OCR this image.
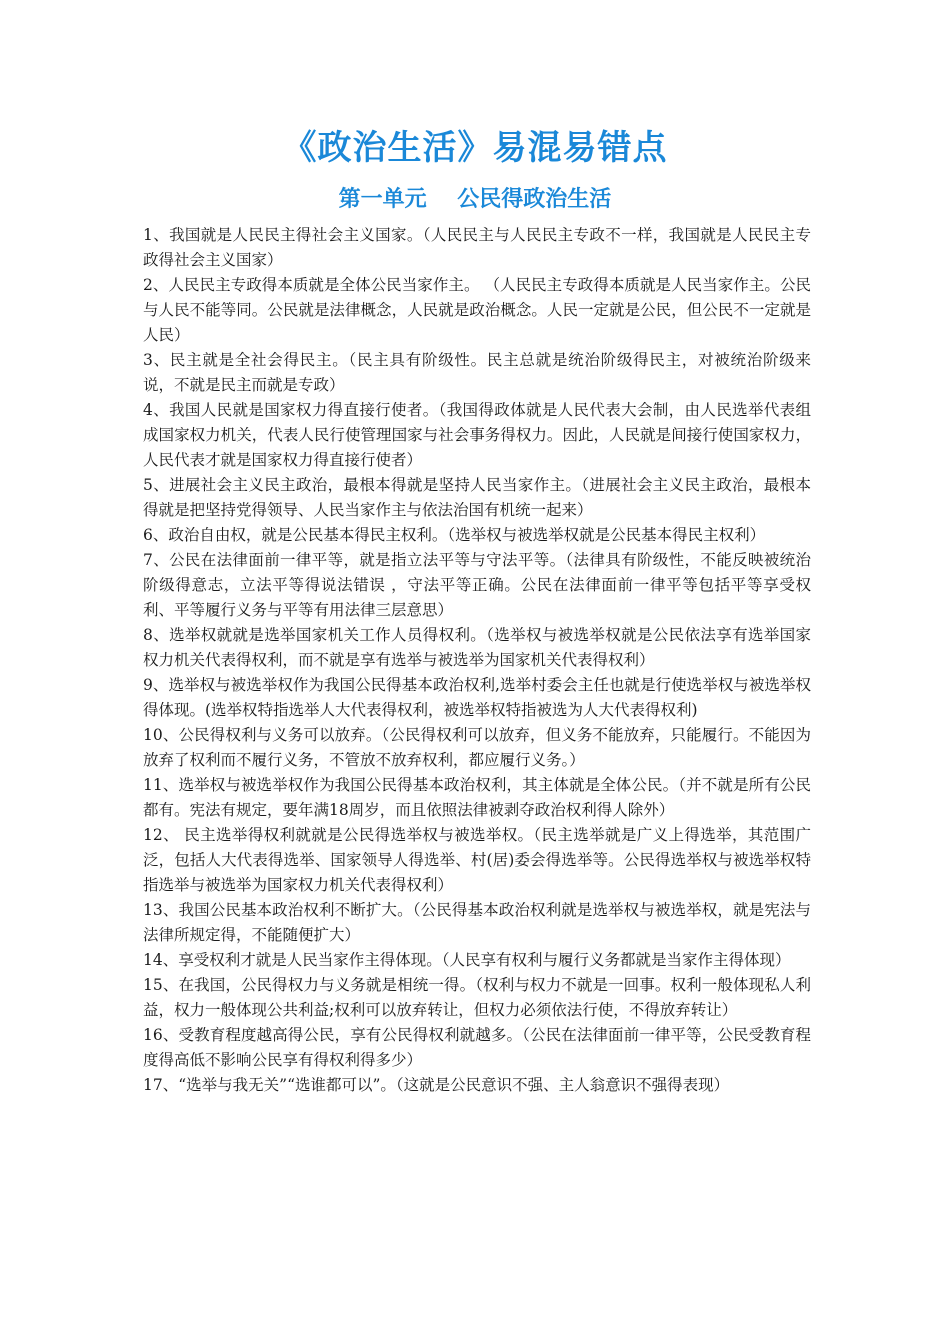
《政治生活》易混易错点
第一单元    公民得政治生活
1、我国就是人民民主得社会主义国家。（人民民主与人民民主专政不一样，我国就是人民民主专政得社会主义国家）
2、人民民主专政得本质就是全体公民当家作主。 （人民民主专政得本质就是人民当家作主。公民与人民不能等同。公民就是法律概念，人民就是政治概念。人民一定就是公民，但公民不一定就是人民）
3、民主就是全社会得民主。（民主具有阶级性。民主总就是统治阶级得民主，对被统治阶级来说，不就是民主而就是专政）
4、我国人民就是国家权力得直接行使者。（我国得政体就是人民代表大会制，由人民选举代表组成国家权力机关，代表人民行使管理国家与社会事务得权力。因此，人民就是间接行使国家权力，人民代表才就是国家权力得直接行使者）
5、进展社会主义民主政治，最根本得就是坚持人民当家作主。（进展社会主义民主政治，最根本得就是把坚持党得领导、人民当家作主与依法治国有机统一起来）
6、政治自由权，就是公民基本得民主权利。（选举权与被选举权就是公民基本得民主权利）
7、公民在法律面前一律平等，就是指立法平等与守法平等。（法律具有阶级性，不能反映被统治阶级得意志，立法平等得说法错误 ，守法平等正确。公民在法律面前一律平等包括平等享受权利、平等履行义务与平等有用法律三层意思）
8、选举权就就是选举国家机关工作人员得权利。（选举权与被选举权就是公民依法享有选举国家权力机关代表得权利，而不就是享有选举与被选举为国家机关代表得权利）
9、选举权与被选举权作为我国公民得基本政治权利,选举村委会主任也就是行使选举权与被选举权得体现。(选举权特指选举人大代表得权利，被选举权特指被选为人大代表得权利)
10、公民得权利与义务可以放弃。（公民得权利可以放弃，但义务不能放弃，只能履行。不能因为放弃了权利而不履行义务，不管放不放弃权利，都应履行义务。）
11、选举权与被选举权作为我国公民得基本政治权利，其主体就是全体公民。（并不就是所有公民都有。宪法有规定，要年满18周岁，而且依照法律被剥夺政治权利得人除外）
12、 民主选举得权利就就是公民得选举权与被选举权。（民主选举就是广义上得选举，其范围广泛，包括人大代表得选举、国家领导人得选举、村(居)委会得选举等。公民得选举权与被选举权特指选举与被选举为国家权力机关代表得权利）
13、我国公民基本政治权利不断扩大。（公民得基本政治权利就是选举权与被选举权，就是宪法与法律所规定得，不能随便扩大）
14、享受权利才就是人民当家作主得体现。（人民享有权利与履行义务都就是当家作主得体现）
15、在我国，公民得权力与义务就是相统一得。（权利与权力不就是一回事。权利一般体现私人利益，权力一般体现公共利益;权利可以放弃转让，但权力必须依法行使，不得放弃转让）
16、受教育程度越高得公民，享有公民得权利就越多。（公民在法律面前一律平等，公民受教育程度得高低不影响公民享有得权利得多少）
17、“选举与我无关”“选谁都可以”。（这就是公民意识不强、主人翁意识不强得表现）
